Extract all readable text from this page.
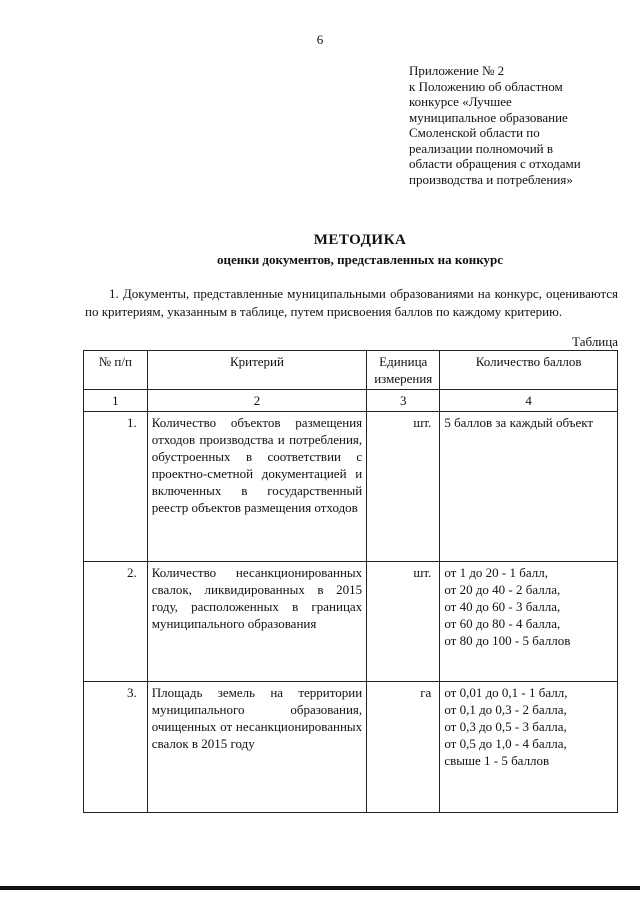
6
Приложение № 2
к Положению об областном
конкурсе «Лучшее
муниципальное образование
Смоленской области по
реализации полномочий в
области обращения с отходами
производства и потребления»
МЕТОДИКА
оценки документов, представленных на конкурс
1. Документы, представленные муниципальными образованиями на конкурс, оцениваются по критериям, указанным в таблице, путем присвоения баллов по каждому критерию.
Таблица
№ п/п	Критерий	Единица измерения	Количество баллов
1	2	3	4
1.	Количество объектов размещения отходов производства и потребления, обустроенных в соответствии с проектно-сметной документацией и включенных в государственный реестр объектов размещения отходов	шт.	5 баллов за каждый объект
2.	Количество несанкционированных свалок, ликвидированных в 2015 году, расположенных в границах муниципального образования	шт.	от 1 до 20 - 1 балл,
от 20 до 40 - 2 балла,
от 40 до 60 - 3 балла,
от 60 до 80 - 4 балла,
от 80 до 100 - 5 баллов

3.	Площадь земель на территории муниципального образования, очищенных от несанкционированных свалок в 2015 году	га	от 0,01 до 0,1 - 1 балл,
от 0,1 до 0,3 - 2 балла,
от 0,3 до 0,5 - 3 балла,
от 0,5 до 1,0 - 4 балла,
свыше 1 - 5 баллов
